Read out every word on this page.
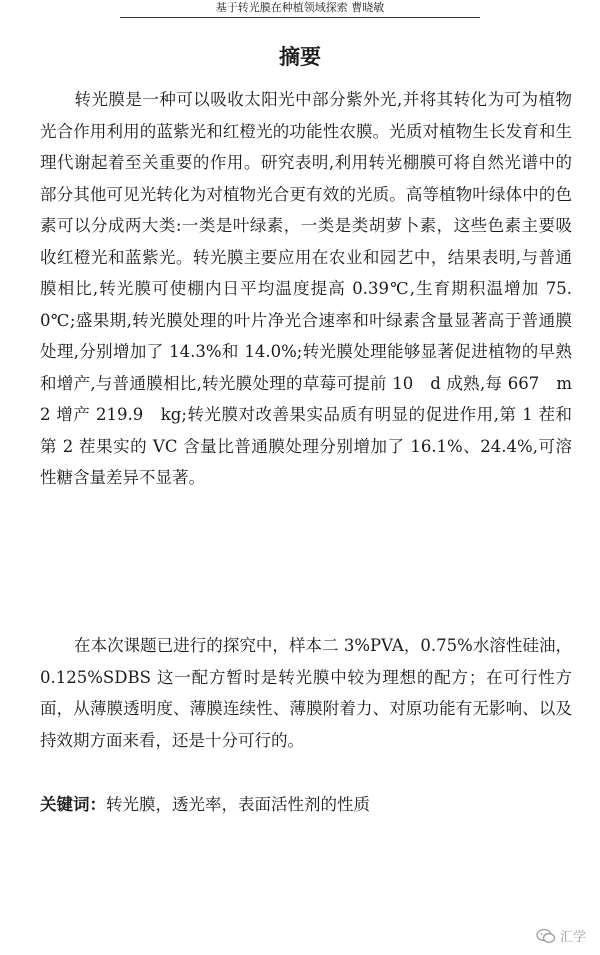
基于转光膜在种植领域探索 曹晓敏
摘要
转光膜是一种可以吸收太阳光中部分紫外光,并将其转化为可为植物光合作用利用的蓝紫光和红橙光的功能性农膜。光质对植物生长发育和生理代谢起着至关重要的作用。研究表明,利用转光棚膜可将自然光谱中的部分其他可见光转化为对植物光合更有效的光质。高等植物叶绿体中的色素可以分成两大类:一类是叶绿素，一类是类胡萝卜素，这些色素主要吸收红橙光和蓝紫光。转光膜主要应用在农业和园艺中，结果表明,与普通膜相比,转光膜可使棚内日平均温度提高 0.39℃,生育期积温增加 75.0℃;盛果期,转光膜处理的叶片净光合速率和叶绿素含量显著高于普通膜处理,分别增加了 14.3%和 14.0%;转光膜处理能够显著促进植物的早熟和增产,与普通膜相比,转光膜处理的草莓可提前 10　d 成熟,每 667　m2 增产 219.9　kg;转光膜对改善果实品质有明显的促进作用,第 1 茬和第 2 茬果实的 VC 含量比普通膜处理分别增加了 16.1%、24.4%,可溶性糖含量差异不显著。
在本次课题已进行的探究中，样本二 3%PVA，0.75%水溶性硅油，0.125%SDBS 这一配方暂时是转光膜中较为理想的配方；在可行性方面，从薄膜透明度、薄膜连续性、薄膜附着力、对原功能有无影响、以及持效期方面来看，还是十分可行的。
关键词：转光膜，透光率，表面活性剂的性质
汇学
